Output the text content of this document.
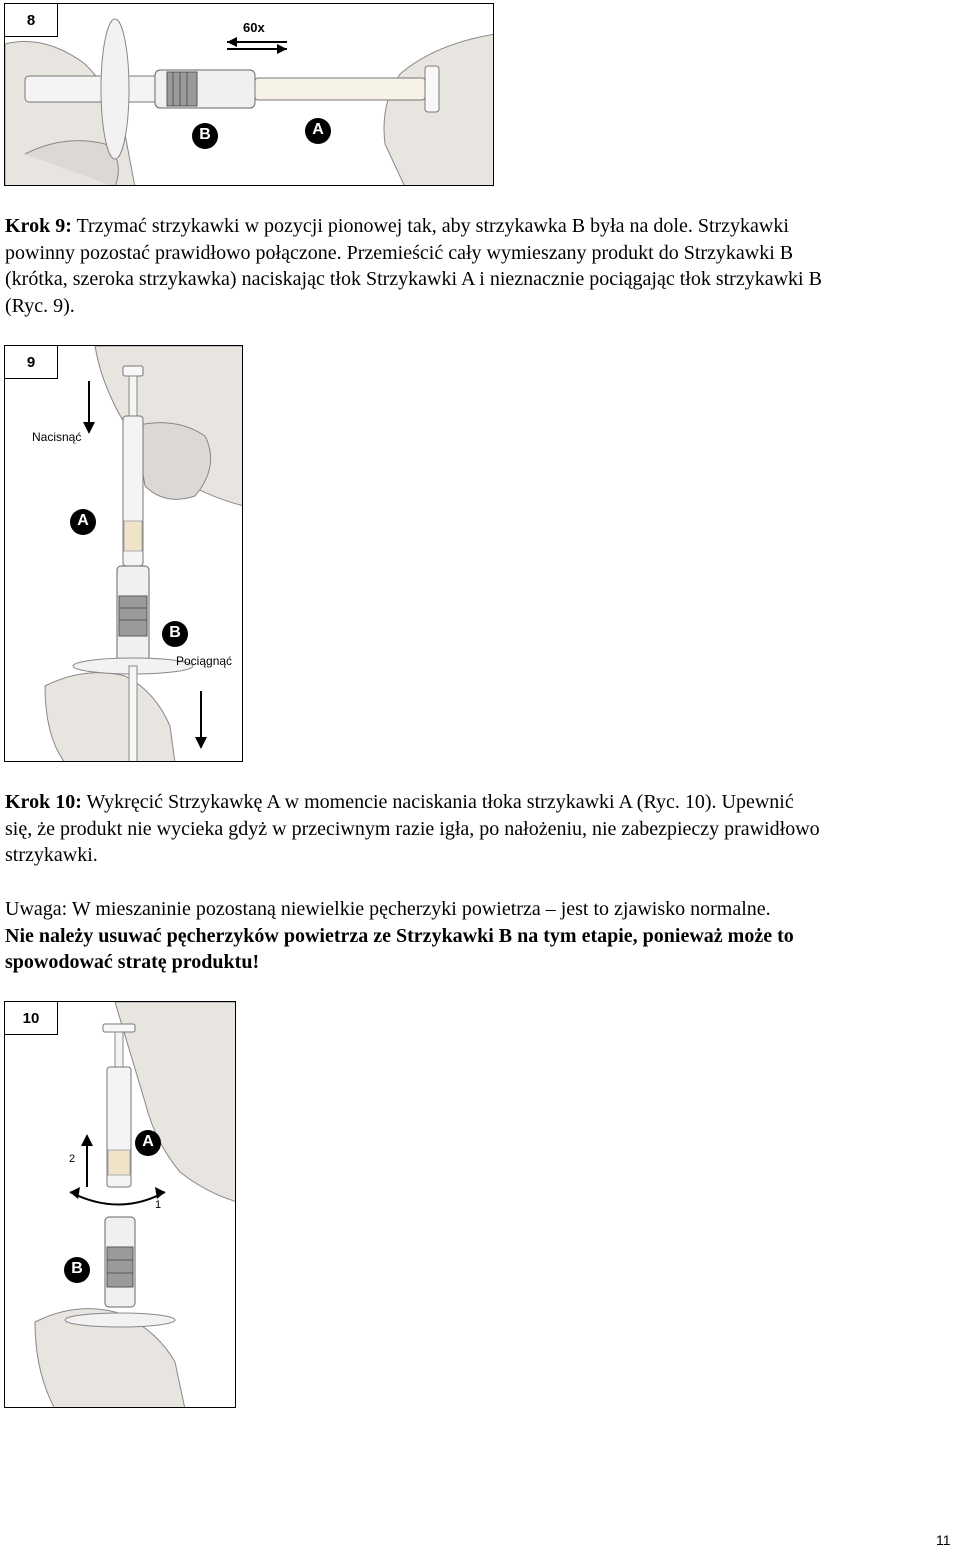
8	60x
B	A
Krok 9: Trzymać strzykawki w pozycji pionowej tak, aby strzykawka B była na dole. Strzykawki
powinny pozostać prawidłowo połączone. Przemieścić cały wymieszany produkt do Strzykawki B
(krótka, szeroka strzykawka) naciskając tłok Strzykawki A i nieznacznie pociągając tłok strzykawki B
(Ryc. 9).
9
Nacisnąć
Pociągnąć
A
B
Krok 10: Wykręcić Strzykawkę A w momencie naciskania tłoka strzykawki A (Ryc. 10). Upewnić
się, że produkt nie wycieka gdyż w przeciwnym razie igła, po nałożeniu, nie zabezpieczy prawidłowo
strzykawki.
Uwaga: W mieszaninie pozostaną niewielkie pęcherzyki powietrza – jest to zjawisko normalne.
Nie należy usuwać pęcherzyków powietrza ze Strzykawki B na tym etapie, ponieważ może to
spowodować stratę produktu!
10
1
2
A
B
11
